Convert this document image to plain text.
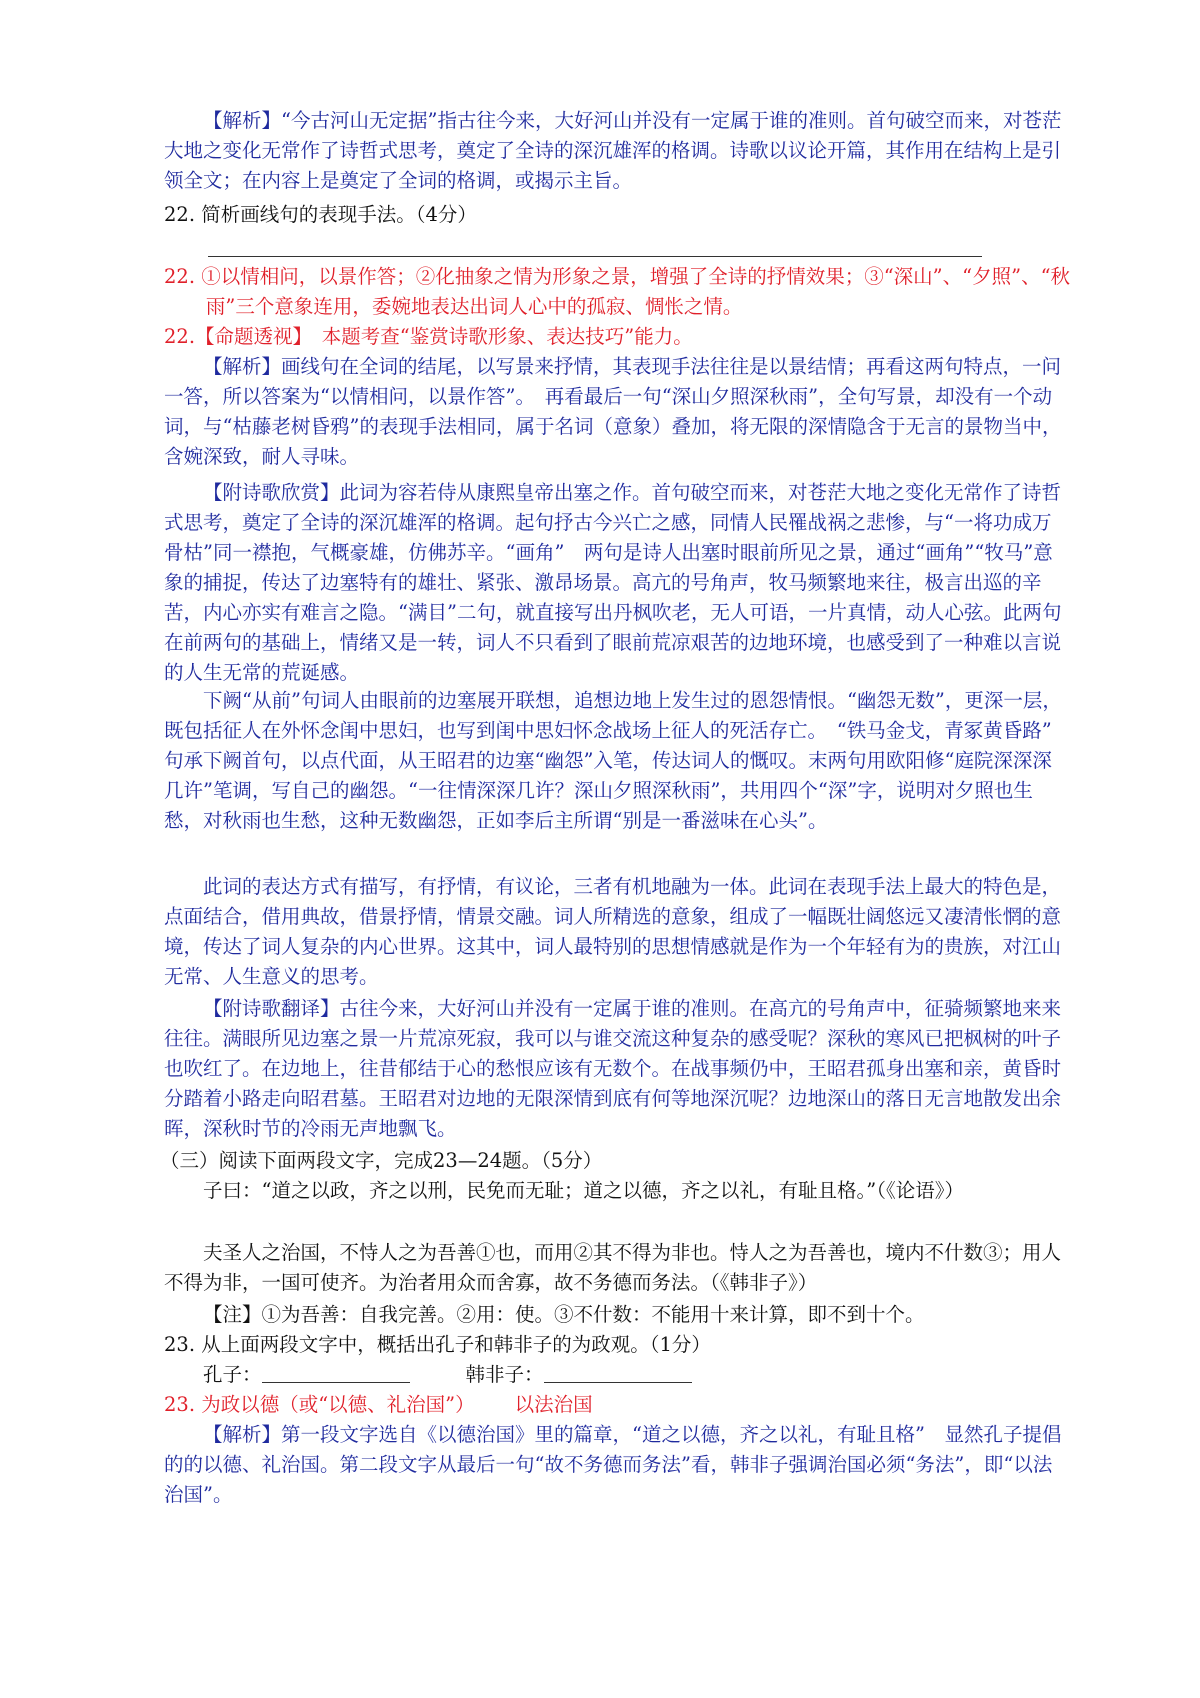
【解析】“今古河山无定据”指古往今来，大好河山并没有一定属于谁的准则。首句破空而来，对苍茫大地之变化无常作了诗哲式思考，奠定了全诗的深沉雄浑的格调。诗歌以议论开篇，其作用在结构上是引领全文；在内容上是奠定了全词的格调，或揭示主旨。

22. 简析画线句的表现手法。（4分）

22. ①以情相问，以景作答；②化抽象之情为形象之景，增强了全诗的抒情效果；③“深山”、“夕照”、“秋雨”三个意象连用，委婉地表达出词人心中的孤寂、惆怅之情。

22.【命题透视】　本题考查“鉴赏诗歌形象、表达技巧”能力。

【解析】画线句在全词的结尾，以写景来抒情，其表现手法往往是以景结情；再看这两句特点，一问一答，所以答案为“以情相问，以景作答”。　再看最后一句“深山夕照深秋雨”，全句写景，却没有一个动词，与“枯藤老树昏鸦”的表现手法相同，属于名词（意象）叠加，将无限的深情隐含于无言的景物当中，含婉深致，耐人寻味。

【附诗歌欣赏】此词为容若侍从康熙皇帝出塞之作。首句破空而来，对苍茫大地之变化无常作了诗哲式思考，奠定了全诗的深沉雄浑的格调。起句抒古今兴亡之感，同情人民罹战祸之悲惨，与“一将功成万骨枯”同一襟抱，气概豪雄，仿佛苏辛。“画角”　两句是诗人出塞时眼前所见之景，通过“画角”“牧马”意象的捕捉，传达了边塞特有的雄壮、紧张、激昂场景。高亢的号角声，牧马频繁地来往，极言出巡的辛苦，内心亦实有难言之隐。“满目”二句，就直接写出丹枫吹老，无人可语，一片真情，动人心弦。此两句在前两句的基础上，情绪又是一转，词人不只看到了眼前荒凉艰苦的边地环境，也感受到了一种难以言说的人生无常的荒诞感。

下阙“从前”句词人由眼前的边塞展开联想，追想边地上发生过的恩怨情恨。“幽怨无数”，更深一层，既包括征人在外怀念闺中思妇，也写到闺中思妇怀念战场上征人的死活存亡。　“铁马金戈，青冢黄昏路”　句承下阙首句，以点代面，从王昭君的边塞“幽怨”入笔，传达词人的慨叹。末两句用欧阳修“庭院深深深几许”笔调，写自己的幽怨。“一往情深深几许？深山夕照深秋雨”，共用四个“深”字，说明对夕照也生愁，对秋雨也生愁，这种无数幽怨，正如李后主所谓“别是一番滋味在心头”。

此词的表达方式有描写，有抒情，有议论，三者有机地融为一体。此词在表现手法上最大的特色是，点面结合，借用典故，借景抒情，情景交融。词人所精选的意象，组成了一幅既壮阔悠远又凄清怅惘的意境，传达了词人复杂的内心世界。这其中，词人最特别的思想情感就是作为一个年轻有为的贵族，对江山无常、人生意义的思考。

【附诗歌翻译】古往今来，大好河山并没有一定属于谁的准则。在高亢的号角声中，征骑频繁地来来往往。满眼所见边塞之景一片荒凉死寂，我可以与谁交流这种复杂的感受呢？深秋的寒风已把枫树的叶子也吹红了。在边地上，往昔郁结于心的愁恨应该有无数个。在战事频仍中，王昭君孤身出塞和亲，黄昏时分踏着小路走向昭君墓。王昭君对边地的无限深情到底有何等地深沉呢？边地深山的落日无言地散发出余晖，深秋时节的冷雨无声地飘飞。

（三）阅读下面两段文字，完成23—24题。（5分）

子曰：“道之以政，齐之以刑，民免而无耻；道之以德，齐之以礼，有耻且格。”（《论语》）

夫圣人之治国，不恃人之为吾善①也，而用②其不得为非也。恃人之为吾善也，境内不什数③；用人不得为非，一国可使齐。为治者用众而舍寡，故不务德而务法。（《韩非子》）

【注】①为吾善：自我完善。②用：使。③不什数：不能用十来计算，即不到十个。

23. 从上面两段文字中，概括出孔子和韩非子的为政观。（1分）

孔子：	韩非子：

23. 为政以德（或“以德、礼治国”） 以法治国

【解析】第一段文字选自《以德治国》里的篇章，“道之以德，齐之以礼，有耻且格”　显然孔子提倡的的以德、礼治国。第二段文字从最后一句“故不务德而务法”看，韩非子强调治国必须“务法”，即“以法治国”。
